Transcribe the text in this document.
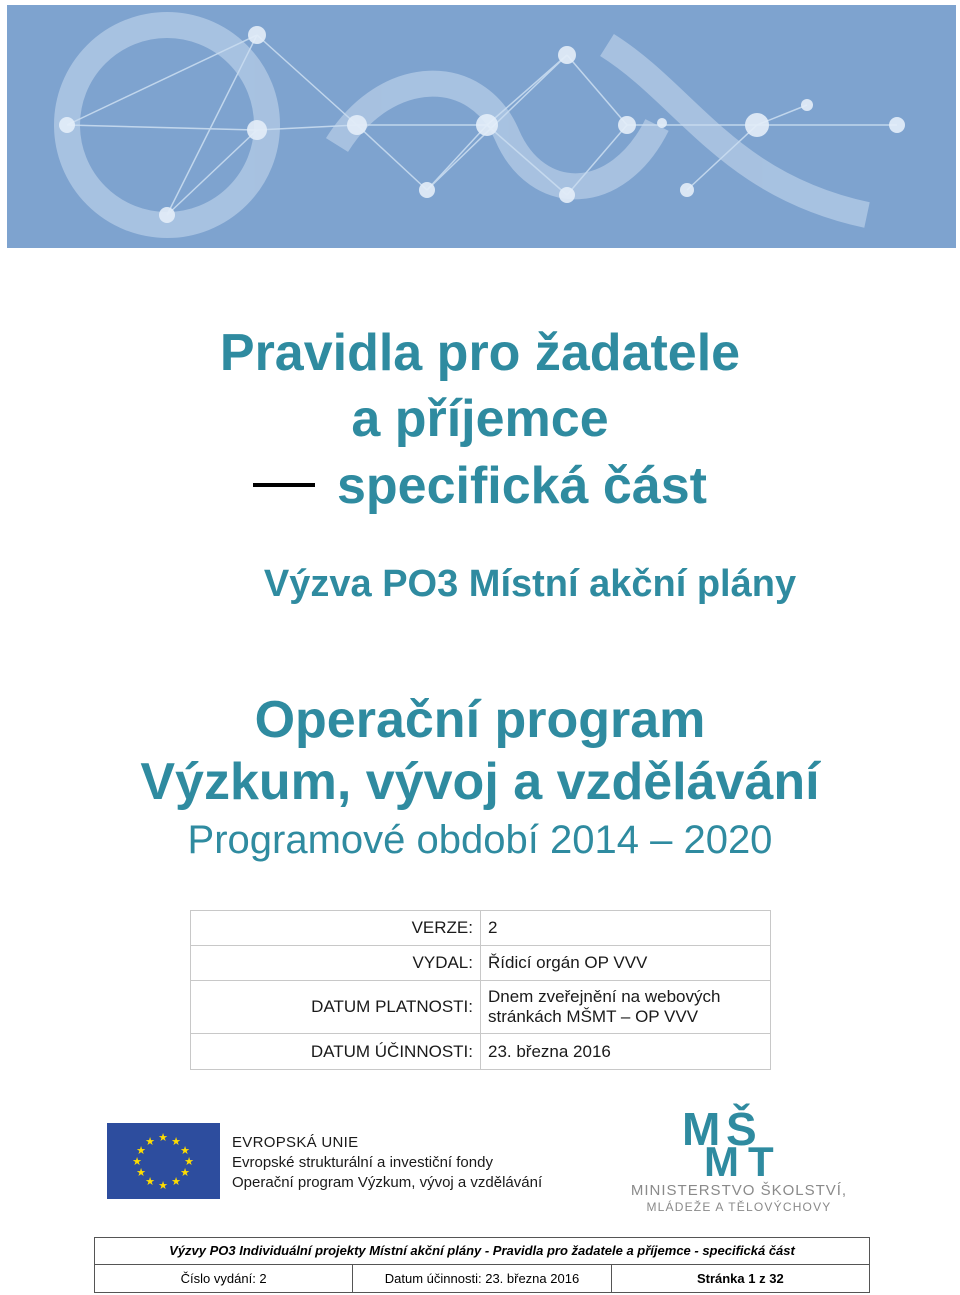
Pravidla pro žadatele
a příjemce
specifická část
Výzva PO3 Místní akční plány
Operační program
Výzkum, vývoj a vzdělávání
Programové období 2014 – 2020
VERZE:	2
VYDAL:	Řídicí orgán OP VVV
DATUM PLATNOSTI:	Dnem zveřejnění na webových
stránkách MŠMT – OP VVV

DATUM ÚČINNOSTI:	23. března 2016
★ ★
★
★
★
★
★
★
★
★
★
★	EVROPSKÁ UNIE
Evropské strukturální a investiční fondy
Operační program Výzkum, vývoj a vzdělávání
M Š
M T
MINISTERSTVO ŠKOLSTVÍ,
MLÁDEŽE A TĚLOVÝCHOVY
Výzvy PO3 Individuální projekty Místní akční plány - Pravidla pro žadatele a příjemce - specifická část
Číslo vydání: 2	Datum účinnosti: 23. března 2016	Stránka 1 z 32
